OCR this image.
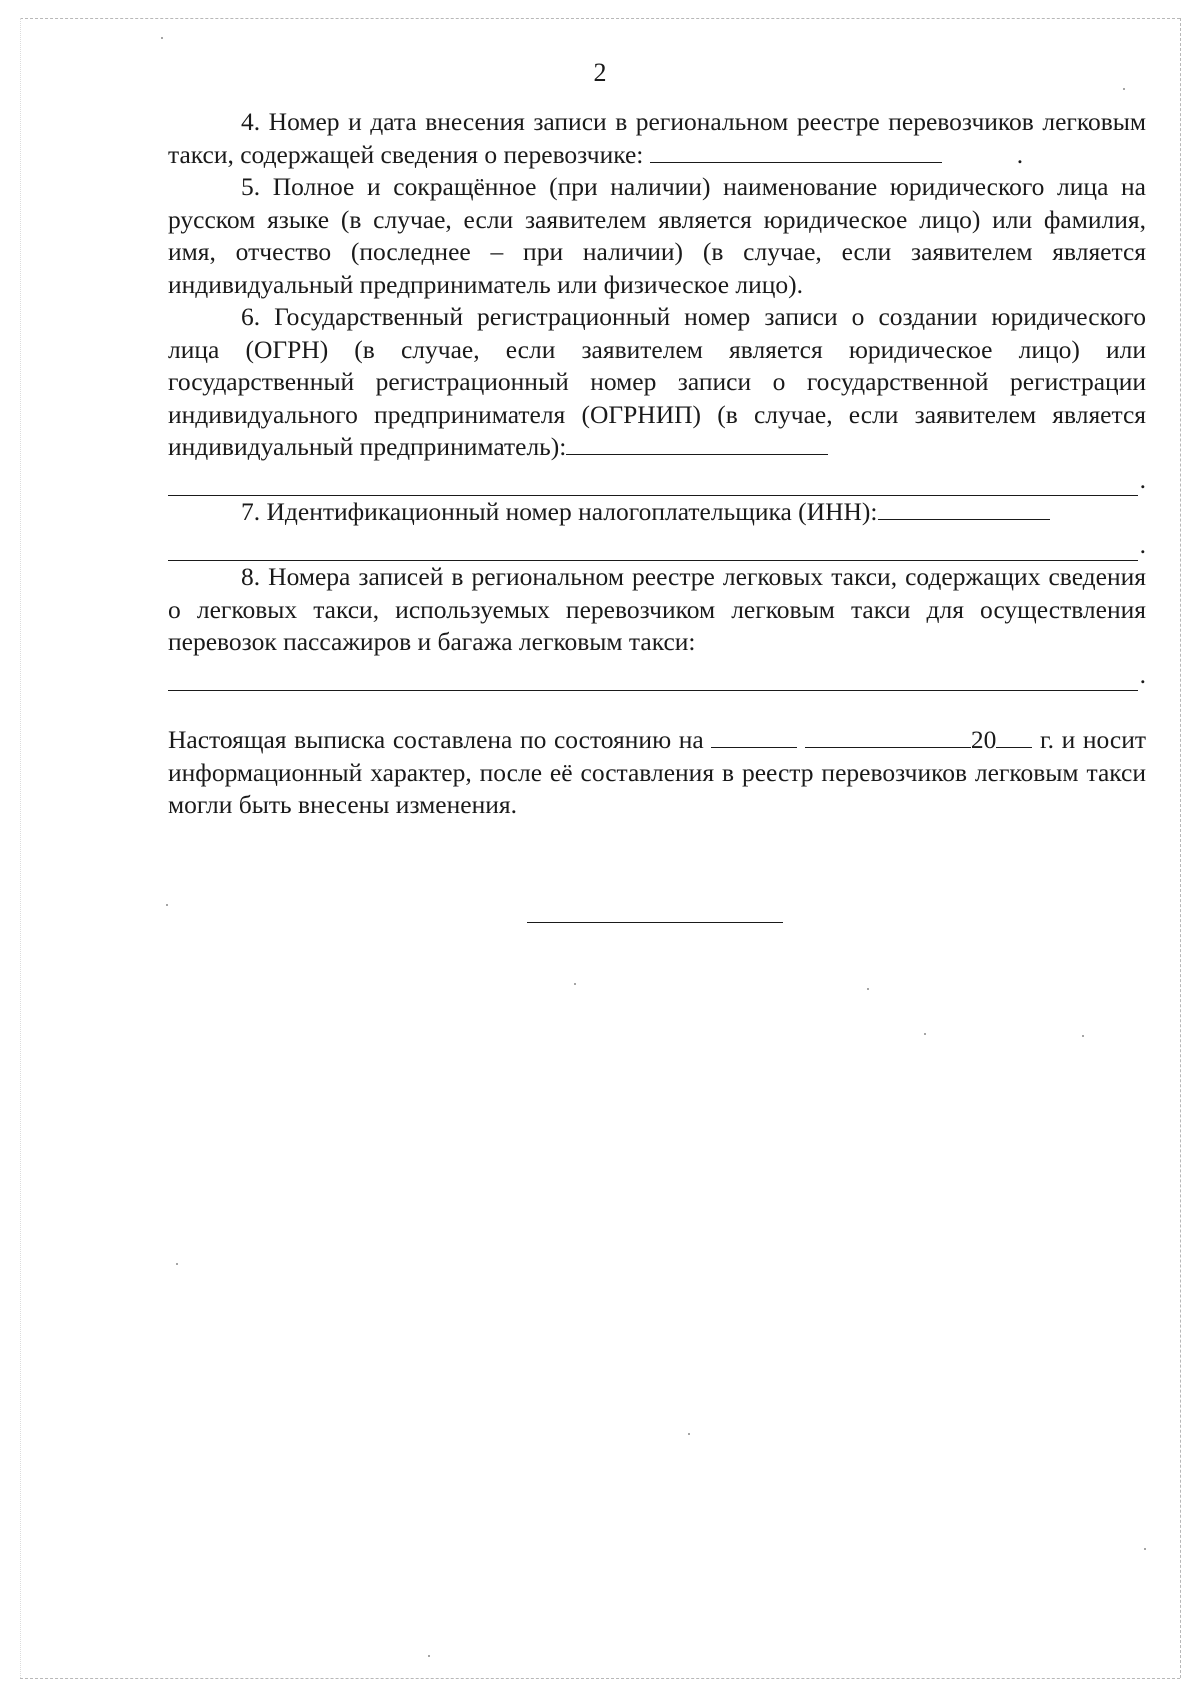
2

4. Номер и дата внесения записи в региональном реестре перевозчиков легковым такси, содержащей сведения о перевозчике:	.

5. Полное и сокращённое (при наличии) наименование юридического лица на русском языке (в случае, если заявителем является юридическое лицо) или фамилия, имя, отчество (последнее – при наличии) (в случае, если заявителем является индивидуальный предприниматель или физическое лицо).

6. Государственный регистрационный номер записи о создании юридического лица (ОГРН) (в случае, если заявителем является юридическое лицо) или государственный регистрационный номер записи о государственной регистрации индивидуального предпринимателя (ОГРНИП) (в случае, если заявителем является индивидуальный предприниматель):

.

7. Идентификационный номер налогоплательщика (ИНН):

.

8. Номера записей в региональном реестре легковых такси, содержащих сведения о легковых такси, используемых перевозчиком легковым такси для осуществления перевозок пассажиров и багажа легковым такси:

.

Настоящая выписка составлена по состоянию на	20 г. и носит информационный характер, после её составления в реестр перевозчиков легковым такси могли быть внесены изменения.
